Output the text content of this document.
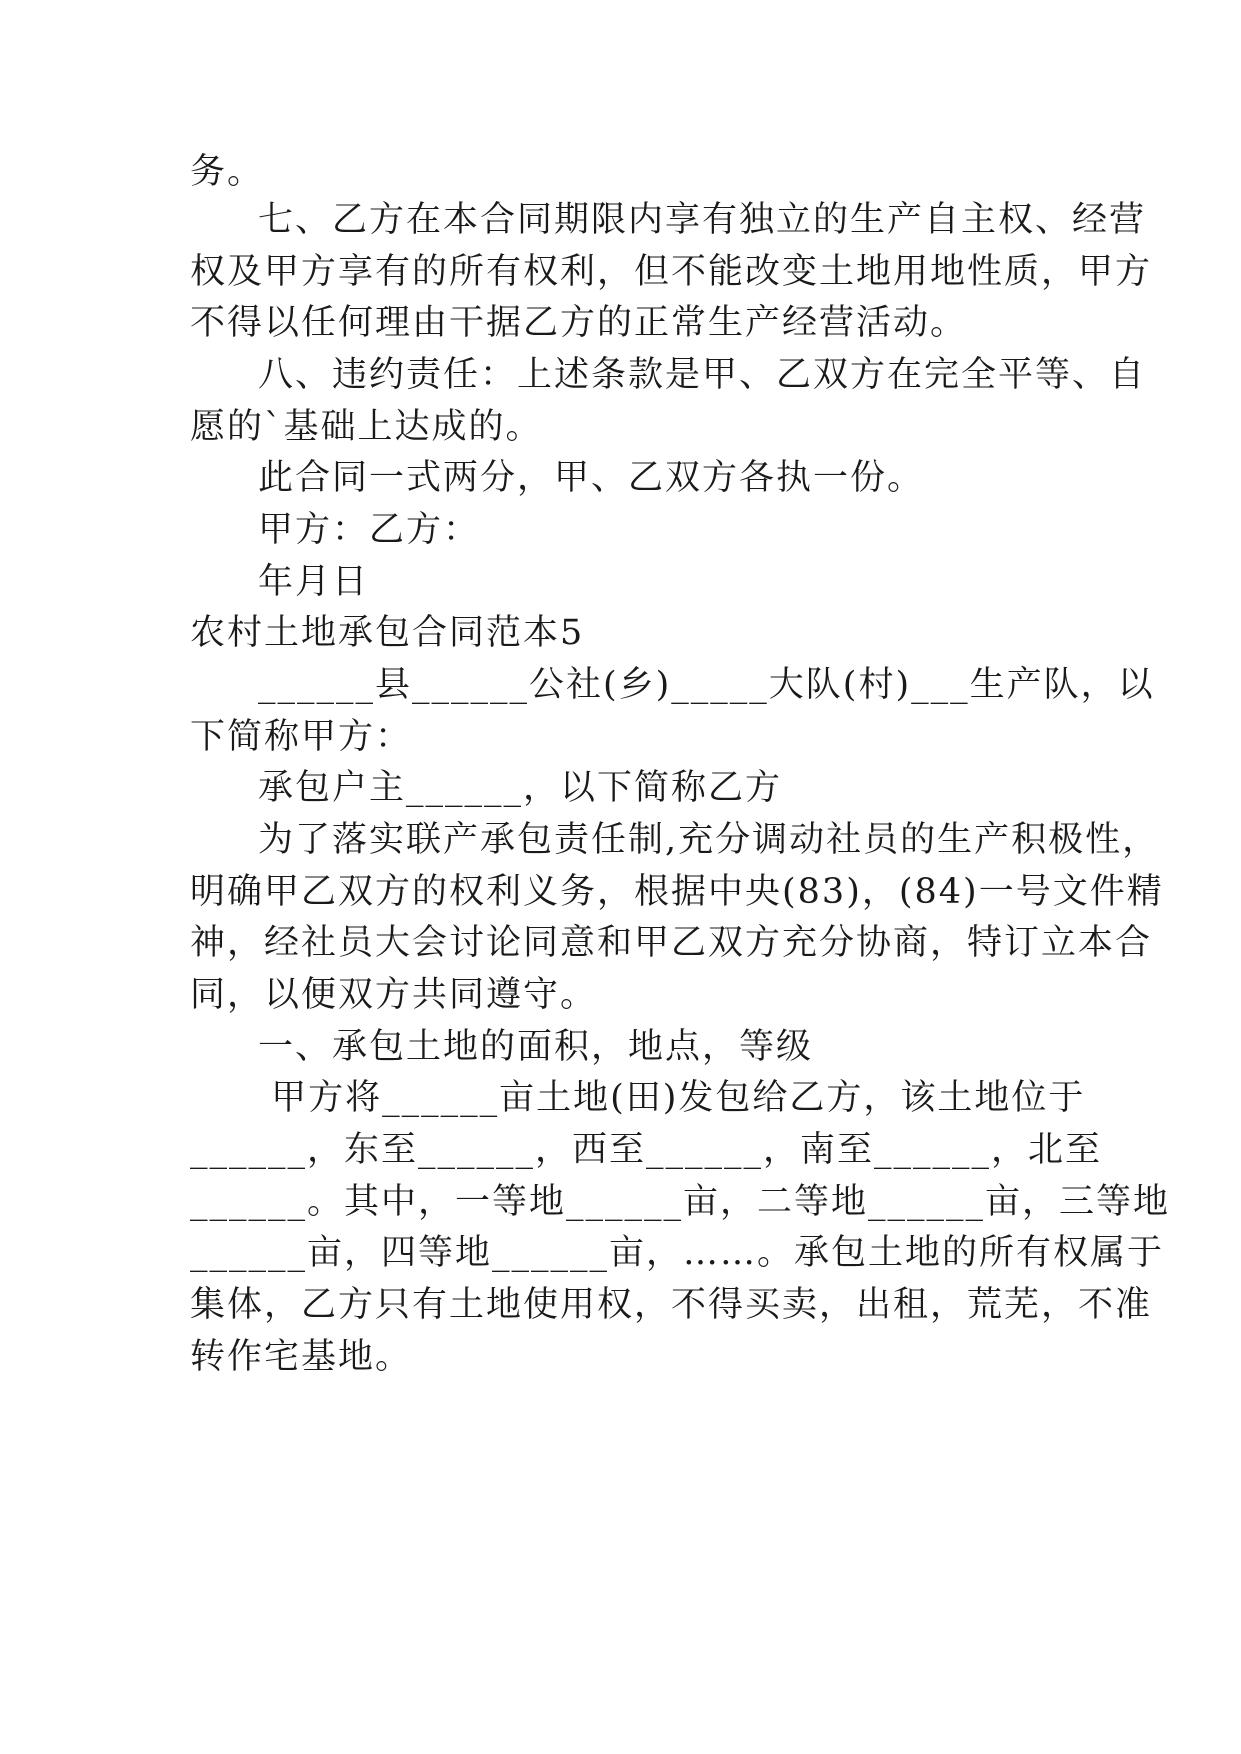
务。
七、乙方在本合同期限内享有独立的生产自主权、经营
权及甲方享有的所有权利，但不能改变土地用地性质，甲方
不得以任何理由干据乙方的正常生产经营活动。
八、违约责任：上述条款是甲、乙双方在完全平等、自
愿的`基础上达成的。
此合同一式两分，甲、乙双方各执一份。
甲方：乙方：
年月日
农村土地承包合同范本5
______县______公社(乡)_____大队(村)___生产队，以
下简称甲方：
承包户主______，以下简称乙方
为了落实联产承包责任制,充分调动社员的生产积极性，
明确甲乙双方的权利义务，根据中央(83)，(84)一号文件精
神，经社员大会讨论同意和甲乙双方充分协商，特订立本合
同，以便双方共同遵守。
一、承包土地的面积，地点，等级
甲方将______亩土地(田)发包给乙方，该土地位于
______，东至______，西至______，南至______，北至
______。其中，一等地______亩，二等地______亩，三等地
______亩，四等地______亩，……。承包土地的所有权属于
集体，乙方只有土地使用权，不得买卖，出租，荒芜，不准
转作宅基地。
